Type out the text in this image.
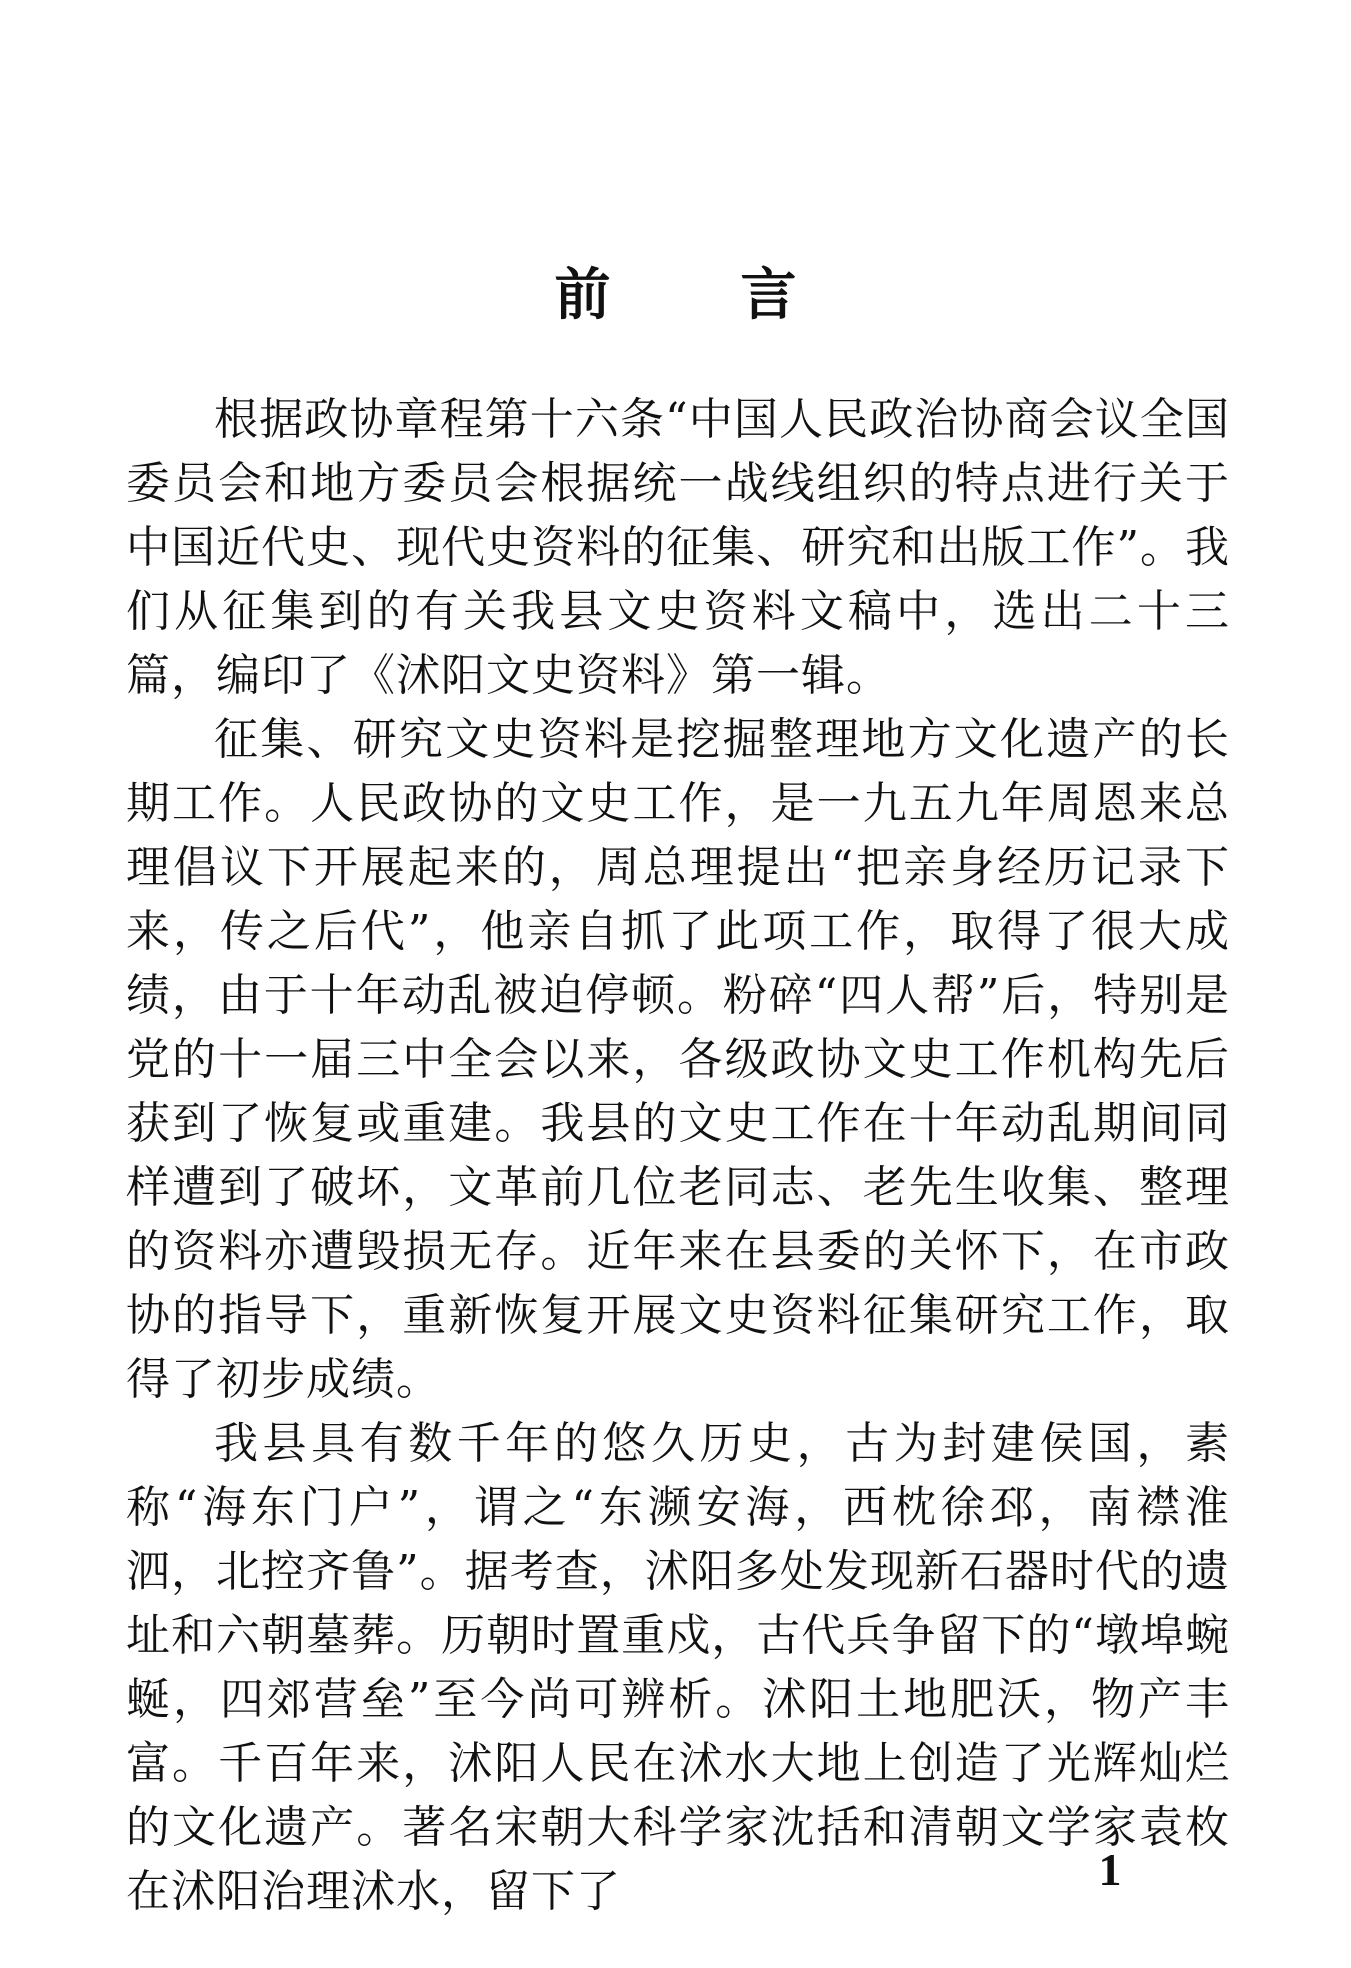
前言

根据政协章程第十六条“中国人民政治协商会议全国委员会和地方委员会根据统一战线组织的特点进行关于中国近代史、现代史资料的征集、研究和出版工作”。我们从征集到的有关我县文史资料文稿中，选出二十三篇，编印了《沭阳文史资料》第一辑。

征集、研究文史资料是挖掘整理地方文化遗产的长期工作。人民政协的文史工作，是一九五九年周恩来总理倡议下开展起来的，周总理提出“把亲身经历记录下来，传之后代”，他亲自抓了此项工作，取得了很大成绩，由于十年动乱被迫停顿。粉碎“四人帮”后，特别是党的十一届三中全会以来，各级政协文史工作机构先后获到了恢复或重建。我县的文史工作在十年动乱期间同样遭到了破坏，文革前几位老同志、老先生收集、整理的资料亦遭毁损无存。近年来在县委的关怀下，在市政协的指导下，重新恢复开展文史资料征集研究工作，取得了初步成绩。

我县具有数千年的悠久历史，古为封建侯国，素称“海东门户”，谓之“东濒安海，西枕徐邳，南襟淮泗，北控齐鲁”。据考查，沭阳多处发现新石器时代的遗址和六朝墓葬。历朝时置重戍，古代兵争留下的“墩埠蜿蜒，四郊营垒”至今尚可辨析。沭阳土地肥沃，物产丰富。千百年来，沭阳人民在沭水大地上创造了光辉灿烂的文化遗产。著名宋朝大科学家沈括和清朝文学家袁枚在沭阳治理沭水，留下了	1
